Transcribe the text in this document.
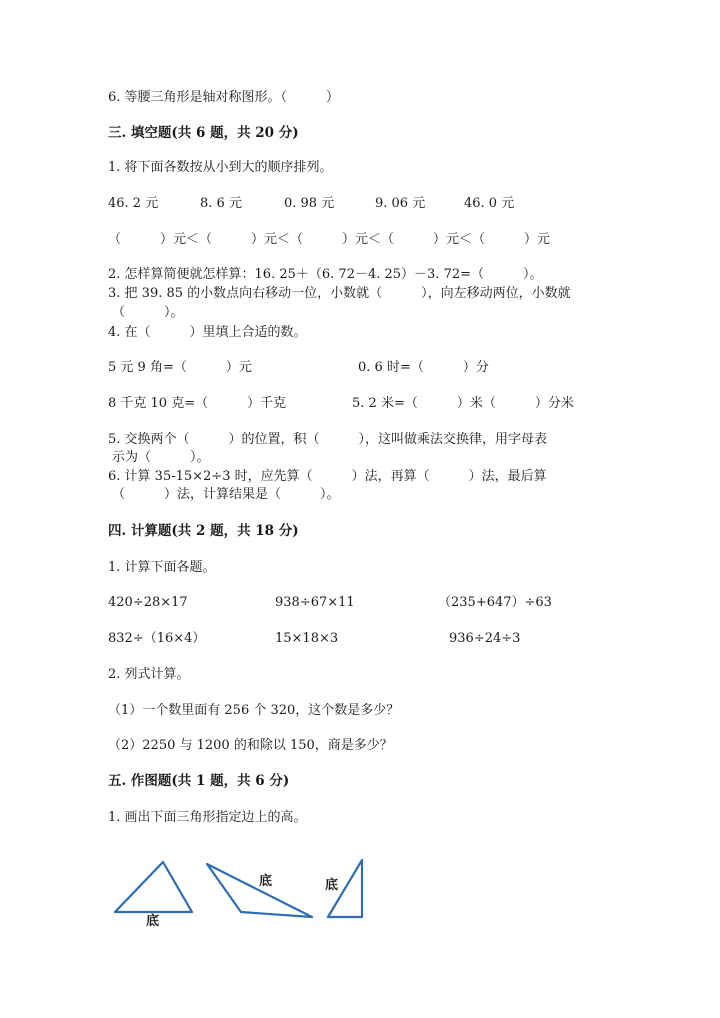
6. 等腰三角形是轴对称图形。（　　　）
三. 填空题(共 6 题，共 20 分)
1. 将下面各数按从小到大的顺序排列。
46. 2 元	8. 6 元	0. 98 元	9. 06 元	46. 0 元
（　　　）元＜（　　　）元＜（　　　）元＜（　　　）元＜（　　　）元
2. 怎样算简便就怎样算：16. 25＋（6. 72－4. 25）－3. 72=（　　　）。
3. 把 39. 85 的小数点向右移动一位，小数就（　　　），向左移动两位，小数就
（　　　）。
4. 在（　　　）里填上合适的数。
5 元 9 角=（　　　）元	0. 6 时=（　　　）分
8 千克 10 克=（　　　）千克	5. 2 米=（　　　）米（　　　）分米
5. 交换两个（　　　）的位置，积（　　　），这叫做乘法交换律，用字母表
示为（　　　）。
6. 计算 35-15×2÷3 时，应先算（　　　）法，再算（　　　）法，最后算
（　　　）法，计算结果是（　　　）。
四. 计算题(共 2 题，共 18 分)
1. 计算下面各题。
420÷28×17	938÷67×11	（235+647）÷63
832÷（16×4）	15×18×3	936÷24÷3
2. 列式计算。
（1）一个数里面有 256 个 320，这个数是多少？
（2）2250 与 1200 的和除以 150，商是多少？
五. 作图题(共 1 题，共 6 分)
1. 画出下面三角形指定边上的高。
底
底	底
